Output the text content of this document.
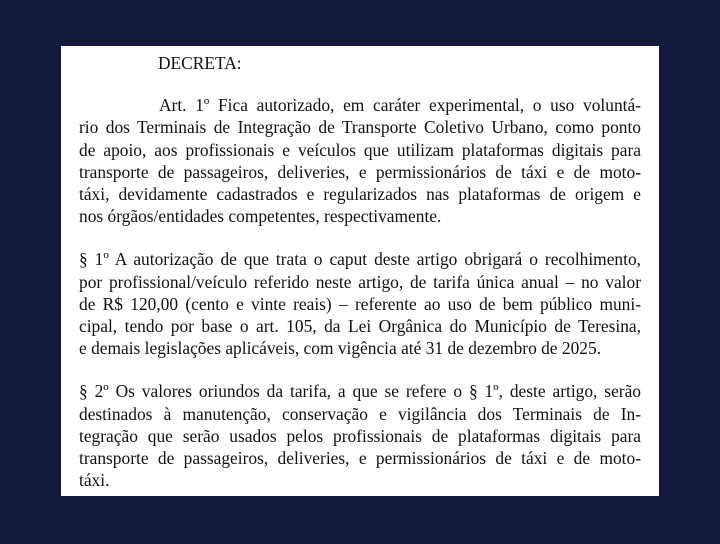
DECRETA:

Art. 1º Fica autorizado, em caráter experimental, o uso voluntá-
rio dos Terminais de Integração de Transporte Coletivo Urbano, como ponto
de apoio, aos profissionais e veículos que utilizam plataformas digitais para
transporte de passageiros, deliveries, e permissionários de táxi e de moto-
táxi, devidamente cadastrados e regularizados nas plataformas de origem e
nos órgãos/entidades competentes, respectivamente.
§ 1º A autorização de que trata o caput deste artigo obrigará o recolhimento,
por profissional/veículo referido neste artigo, de tarifa única anual – no valor
de R$ 120,00 (cento e vinte reais) – referente ao uso de bem público muni-
cipal, tendo por base o art. 105, da Lei Orgânica do Município de Teresina,
e demais legislações aplicáveis, com vigência até 31 de dezembro de 2025.
§ 2º Os valores oriundos da tarifa, a que se refere o § 1º, deste artigo, serão
destinados à manutenção, conservação e vigilância dos Terminais de In-
tegração que serão usados pelos profissionais de plataformas digitais para
transporte de passageiros, deliveries, e permissionários de táxi e de moto-
táxi.
